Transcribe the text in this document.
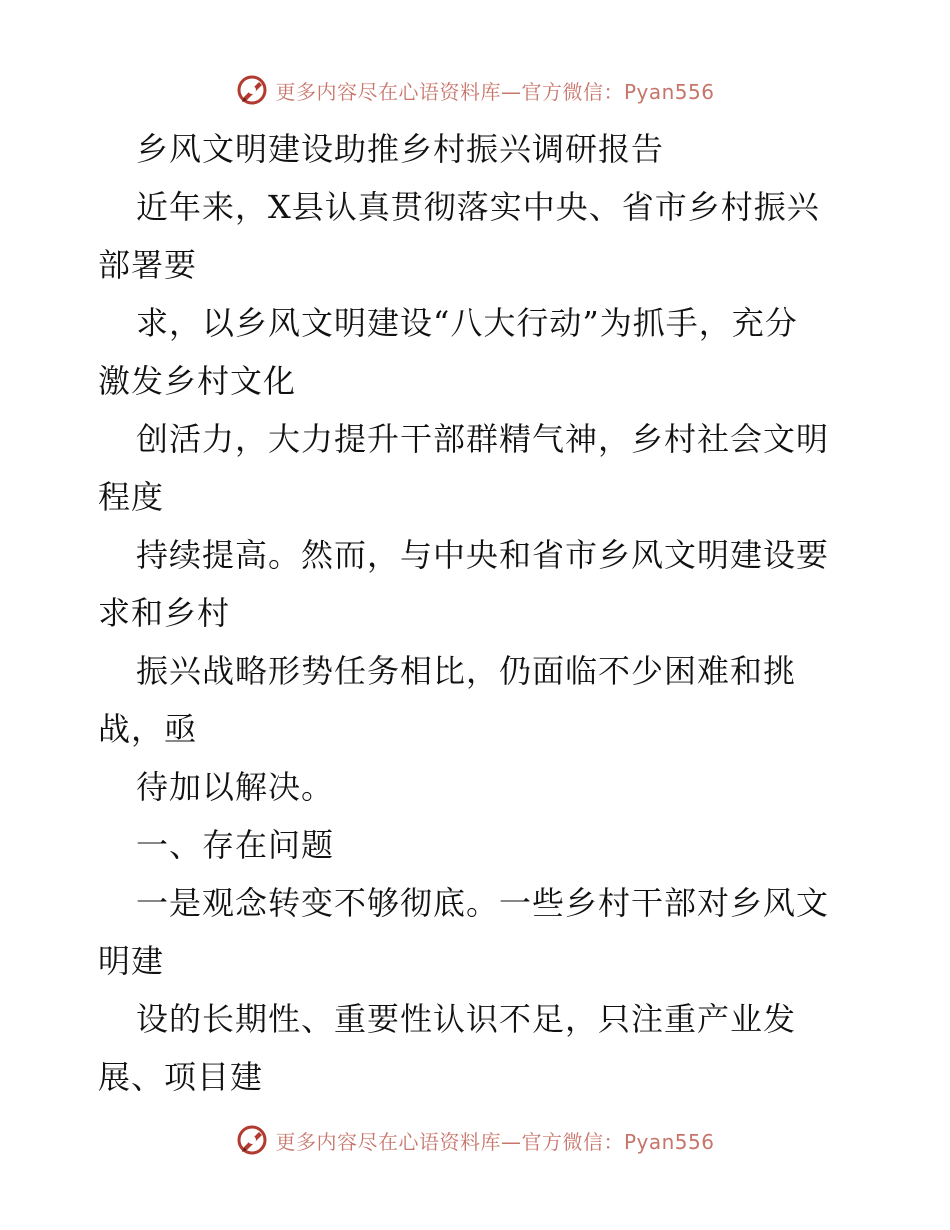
更多内容尽在心语资料库—官方微信：Pyan556
乡风文明建设助推乡村振兴调研报告
近年来，X县认真贯彻落实中央、省市乡村振兴
部署要
求，以乡风文明建设“八大行动”为抓手，充分
激发乡村文化
创活力，大力提升干部群精气神，乡村社会文明
程度
持续提高。然而，与中央和省市乡风文明建设要
求和乡村
振兴战略形势任务相比，仍面临不少困难和挑
战，亟
待加以解决。
一、存在问题
一是观念转变不够彻底。一些乡村干部对乡风文
明建
设的长期性、重要性认识不足，只注重产业发
展、项目建
更多内容尽在心语资料库—官方微信：Pyan556
